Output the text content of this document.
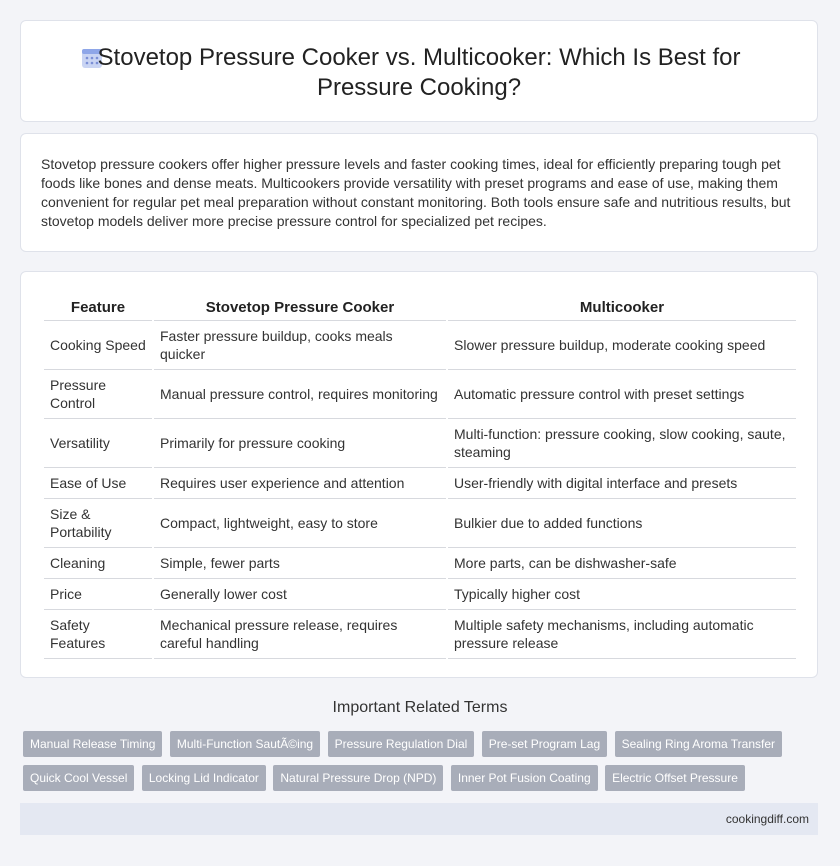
Stovetop Pressure Cooker vs. Multicooker: Which Is Best for
Pressure Cooking?
Stovetop pressure cookers offer higher pressure levels and faster cooking times, ideal for efficiently preparing tough pet foods like bones and dense meats. Multicookers provide versatility with preset programs and ease of use, making them convenient for regular pet meal preparation without constant monitoring. Both tools ensure safe and nutritious results, but stovetop models deliver more precise pressure control for specialized pet recipes.
Feature	Stovetop Pressure Cooker	Multicooker
Cooking Speed	Faster pressure buildup, cooks meals quicker	Slower pressure buildup, moderate cooking speed
Pressure Control	Manual pressure control, requires monitoring	Automatic pressure control with preset settings
Versatility	Primarily for pressure cooking	Multi-function: pressure cooking, slow cooking, saute, steaming
Ease of Use	Requires user experience and attention	User-friendly with digital interface and presets
Size & Portability	Compact, lightweight, easy to store	Bulkier due to added functions
Cleaning	Simple, fewer parts	More parts, can be dishwasher-safe
Price	Generally lower cost	Typically higher cost
Safety Features	Mechanical pressure release, requires careful handling	Multiple safety mechanisms, including automatic pressure release
Important Related Terms
Manual Release Timing Multi-Function SautÃ©ing Pressure Regulation Dial Pre-set Program Lag Sealing Ring Aroma Transfer Quick Cool Vessel Locking Lid Indicator Natural Pressure Drop (NPD) Inner Pot Fusion Coating Electric Offset Pressure
cookingdiff.com
